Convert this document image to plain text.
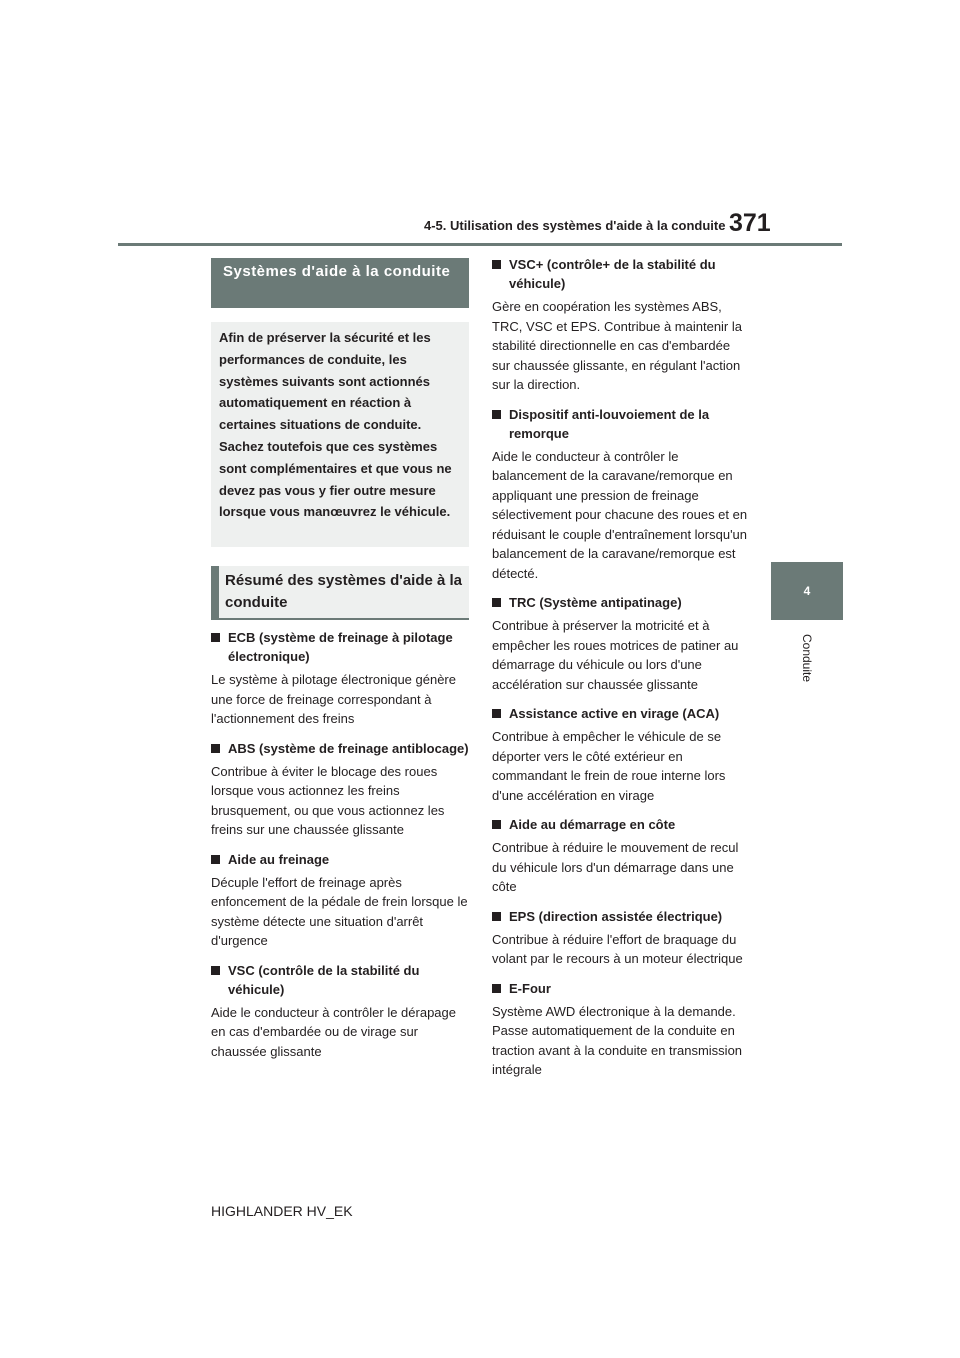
4-5. Utilisation des systèmes d'aide à la conduite 371
4
Conduite
Systèmes d'aide à la conduite
Afin de préserver la sécurité et les performances de conduite, les systèmes suivants sont actionnés automatiquement en réaction à certaines situations de conduite. Sachez toutefois que ces systèmes sont complémentaires et que vous ne devez pas vous y fier outre mesure lorsque vous manœuvrez le véhicule.
Résumé des systèmes d'aide à la conduite
ECB (système de freinage à pilotage électronique)
Le système à pilotage électronique génère une force de freinage correspondant à l'actionnement des freins
ABS (système de freinage antiblocage)
Contribue à éviter le blocage des roues lorsque vous actionnez les freins brusquement, ou que vous actionnez les freins sur une chaussée glissante
Aide au freinage
Décuple l'effort de freinage après enfoncement de la pédale de frein lorsque le système détecte une situation d'arrêt d'urgence
VSC (contrôle de la stabilité du véhicule)
Aide le conducteur à contrôler le dérapage en cas d'embardée ou de virage sur chaussée glissante
VSC+ (contrôle+ de la stabilité du véhicule)
Gère en coopération les systèmes ABS, TRC, VSC et EPS. Contribue à maintenir la stabilité directionnelle en cas d'embardée sur chaussée glissante, en régulant l'action sur la direction.
Dispositif anti-louvoiement de la remorque
Aide le conducteur à contrôler le balancement de la caravane/remorque en appliquant une pression de freinage sélectivement pour chacune des roues et en réduisant le couple d'entraînement lorsqu'un balancement de la caravane/remorque est détecté.
TRC (Système antipatinage)
Contribue à préserver la motricité et à empêcher les roues motrices de patiner au démarrage du véhicule ou lors d'une accélération sur chaussée glissante
Assistance active en virage (ACA)
Contribue à empêcher le véhicule de se déporter vers le côté extérieur en commandant le frein de roue interne lors d'une accélération en virage
Aide au démarrage en côte
Contribue à réduire le mouvement de recul du véhicule lors d'un démarrage dans une côte
EPS (direction assistée électrique)
Contribue à réduire l'effort de braquage du volant par le recours à un moteur électrique
E-Four
Système AWD électronique à la demande. Passe automatiquement de la conduite en traction avant à la conduite en transmission intégrale
HIGHLANDER HV_EK
